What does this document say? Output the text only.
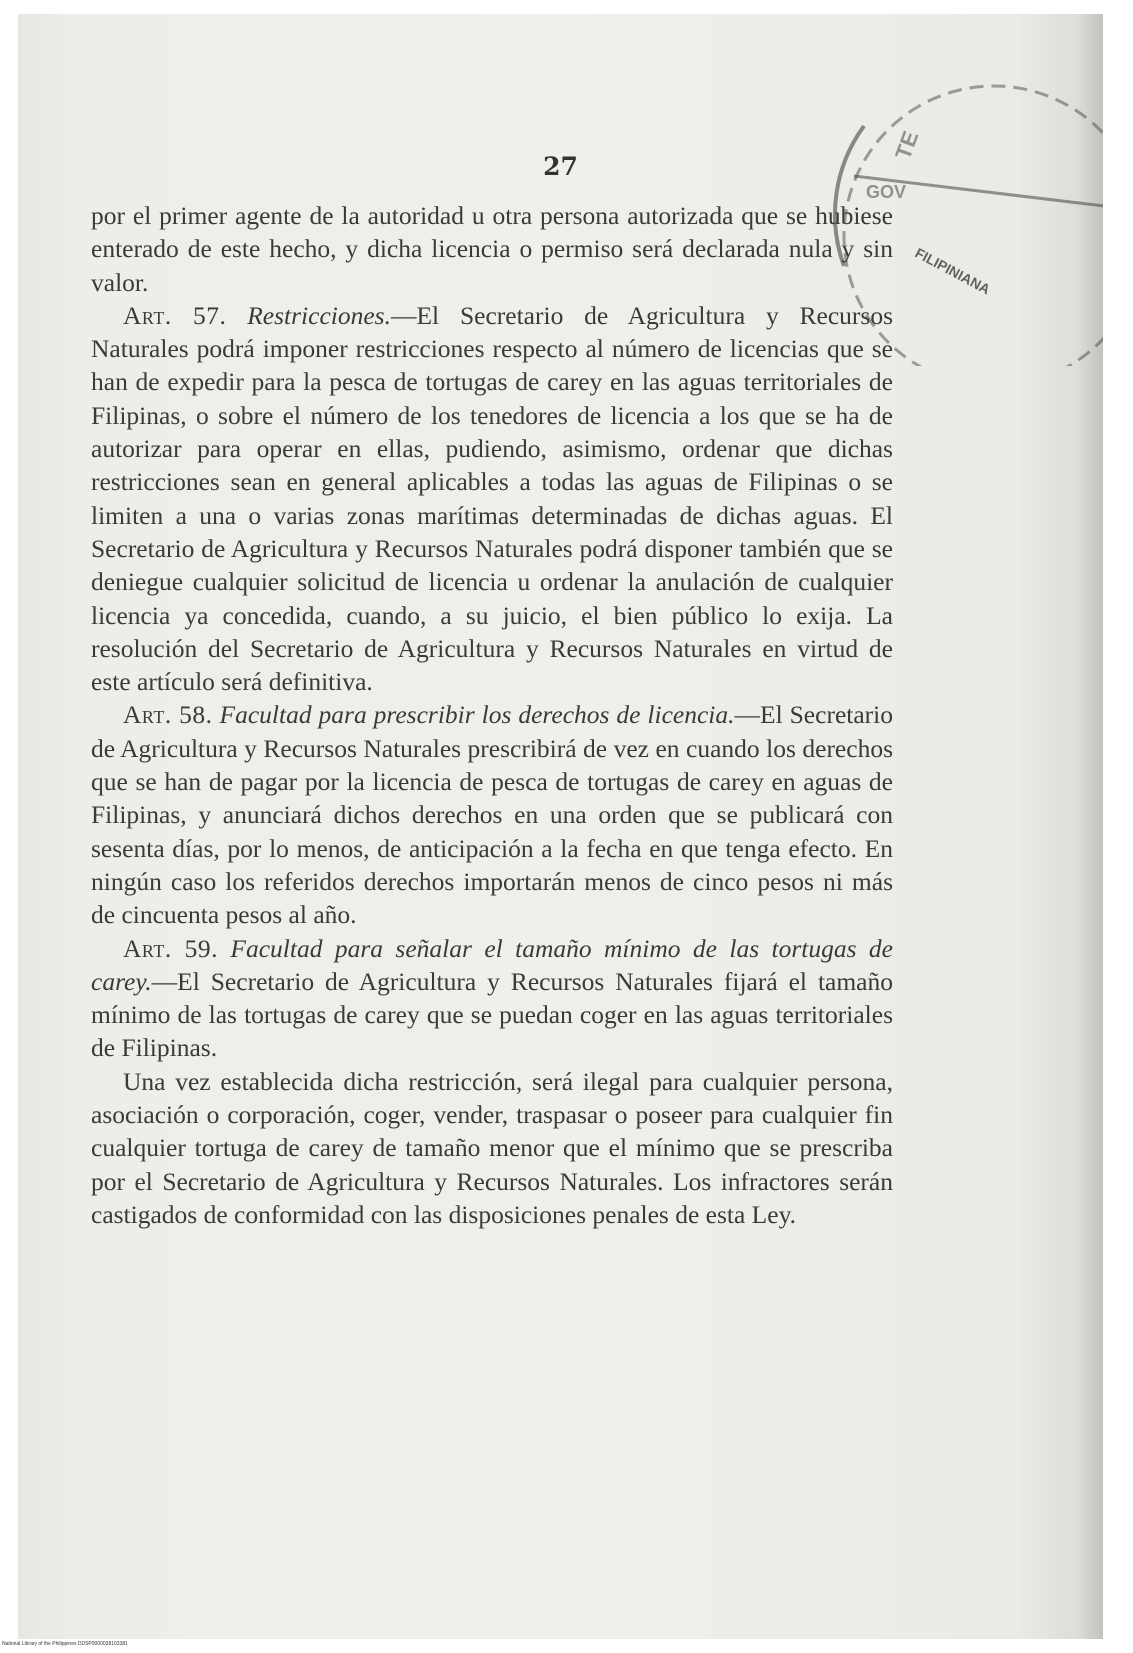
27
TE
GOV
FILIPINIANA

por el primer agente de la autoridad u otra persona autorizada que se hubiese enterado de este hecho, y dicha licencia o permiso será declarada nula y sin valor.

Art. 57. Restricciones.—El Secretario de Agricultura y Recursos Naturales podrá imponer restricciones respecto al número de licencias que se han de expedir para la pesca de tortugas de carey en las aguas territoriales de Filipinas, o sobre el número de los tenedores de licencia a los que se ha de autorizar para operar en ellas, pudiendo, asimismo, ordenar que dichas restricciones sean en general aplicables a todas las aguas de Filipinas o se limiten a una o varias zonas marítimas determinadas de dichas aguas. El Secretario de Agricultura y Recursos Naturales podrá disponer también que se deniegue cualquier solicitud de licencia u ordenar la anulación de cualquier licencia ya concedida, cuando, a su juicio, el bien público lo exija. La resolución del Secretario de Agricultura y Recursos Naturales en virtud de este artículo será definitiva.

Art. 58. Facultad para prescribir los derechos de licencia.—El Secretario de Agricultura y Recursos Naturales prescribirá de vez en cuando los derechos que se han de pagar por la licencia de pesca de tortugas de carey en aguas de Filipinas, y anunciará dichos derechos en una orden que se publicará con sesenta días, por lo menos, de anticipación a la fecha en que tenga efecto. En ningún caso los referidos derechos importarán menos de cinco pesos ni más de cincuenta pesos al año.

Art. 59. Facultad para señalar el tamaño mínimo de las tortugas de carey.—El Secretario de Agricultura y Recursos Naturales fijará el tamaño mínimo de las tortugas de carey que se puedan coger en las aguas territoriales de Filipinas.

Una vez establecida dicha restricción, será ilegal para cualquier persona, asociación o corporación, coger, vender, traspasar o poseer para cualquier fin cualquier tortuga de carey de tamaño menor que el mínimo que se prescriba por el Secretario de Agricultura y Recursos Naturales. Los infractores serán castigados de conformidad con las disposiciones penales de esta Ley.

National Library of the Philippines DDSP0000038103381
